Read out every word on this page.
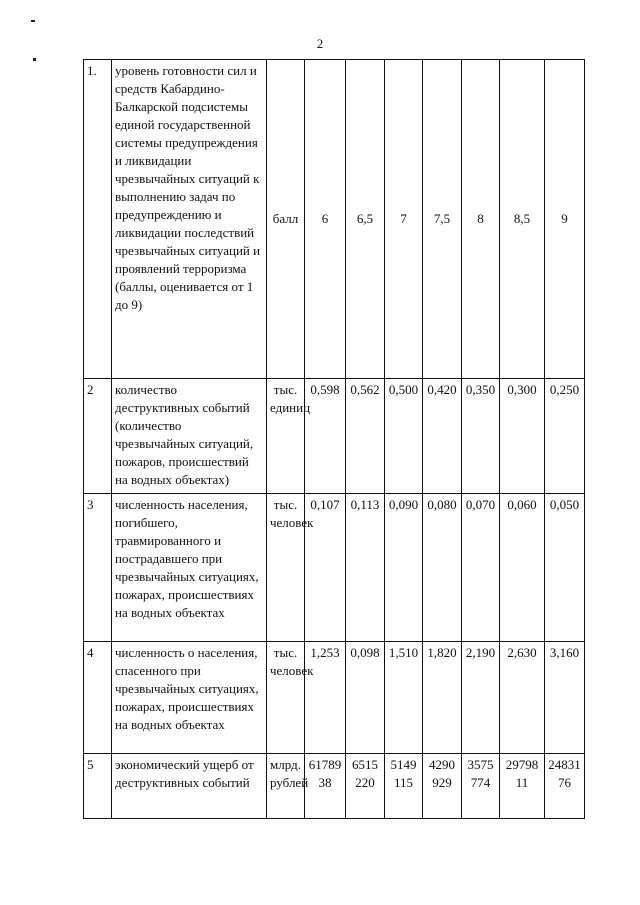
2
1.	уровень готовности сил и средств Кабардино-Балкарской подсистемы единой государственной системы предупреждения и ликвидации чрезвычайных ситуаций к выполнению задач по предупреждению и ликвидации последствий чрезвычайных ситуаций и проявлений терроризма (баллы, оценивается от 1 до 9)	балл	6	6,5	7	7,5	8	8,5	9
2	количество деструктивных событий (количество чрезвычайных ситуаций, пожаров, происшествий на водных объектах)	тыс. единиц	0,598	0,562	0,500	0,420	0,350	0,300	0,250
3	численность населения, погибшего, травмированного и пострадавшего при чрезвычайных ситуациях, пожарах, происшествиях на водных объектах	тыс. человек	0,107	0,113	0,090	0,080	0,070	0,060	0,050
4	численность о населения, спасенного при чрезвычайных ситуациях, пожарах, происшествиях на водных объектах	тыс. человек	1,253	0,098	1,510	1,820	2,190	2,630	3,160
5	экономический ущерб от деструктивных событий	млрд. рублей	6178938	6515220	5149115	4290929	3575774	2979811	2483176
